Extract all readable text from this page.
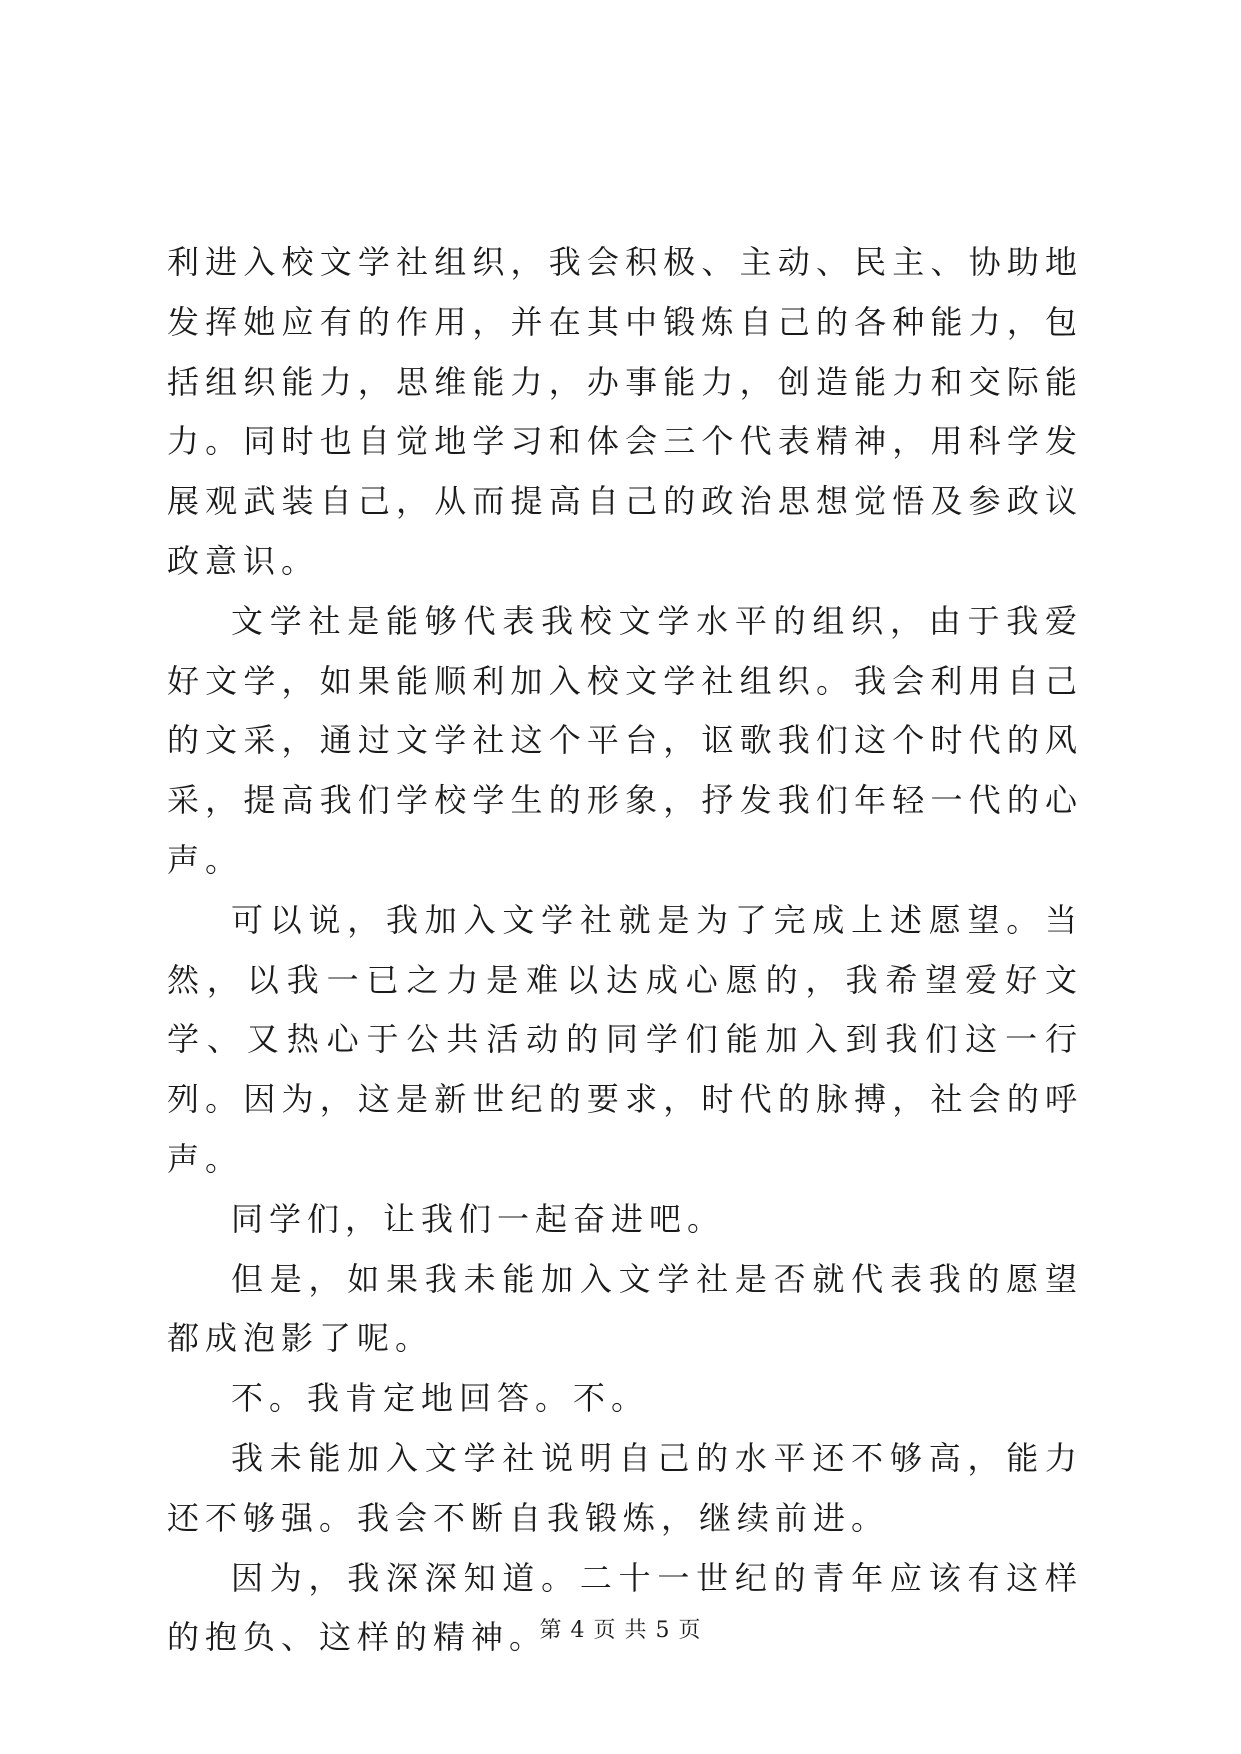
利进入校文学社组织，我会积极、主动、民主、协助地发挥她应有的作用，并在其中锻炼自己的各种能力，包括组织能力，思维能力，办事能力，创造能力和交际能力。同时也自觉地学习和体会三个代表精神，用科学发展观武装自己，从而提高自己的政治思想觉悟及参政议政意识。

文学社是能够代表我校文学水平的组织，由于我爱好文学，如果能顺利加入校文学社组织。我会利用自己的文采，通过文学社这个平台，讴歌我们这个时代的风采，提高我们学校学生的形象，抒发我们年轻一代的心声。

可以说，我加入文学社就是为了完成上述愿望。当然，以我一已之力是难以达成心愿的，我希望爱好文学、又热心于公共活动的同学们能加入到我们这一行列。因为，这是新世纪的要求，时代的脉搏，社会的呼声。

同学们，让我们一起奋进吧。

但是，如果我未能加入文学社是否就代表我的愿望都成泡影了呢。

不。我肯定地回答。不。

我未能加入文学社说明自己的水平还不够高，能力还不够强。我会不断自我锻炼，继续前进。

因为，我深深知道。二十一世纪的青年应该有这样的抱负、这样的精神。

第 4 页 共 5 页
